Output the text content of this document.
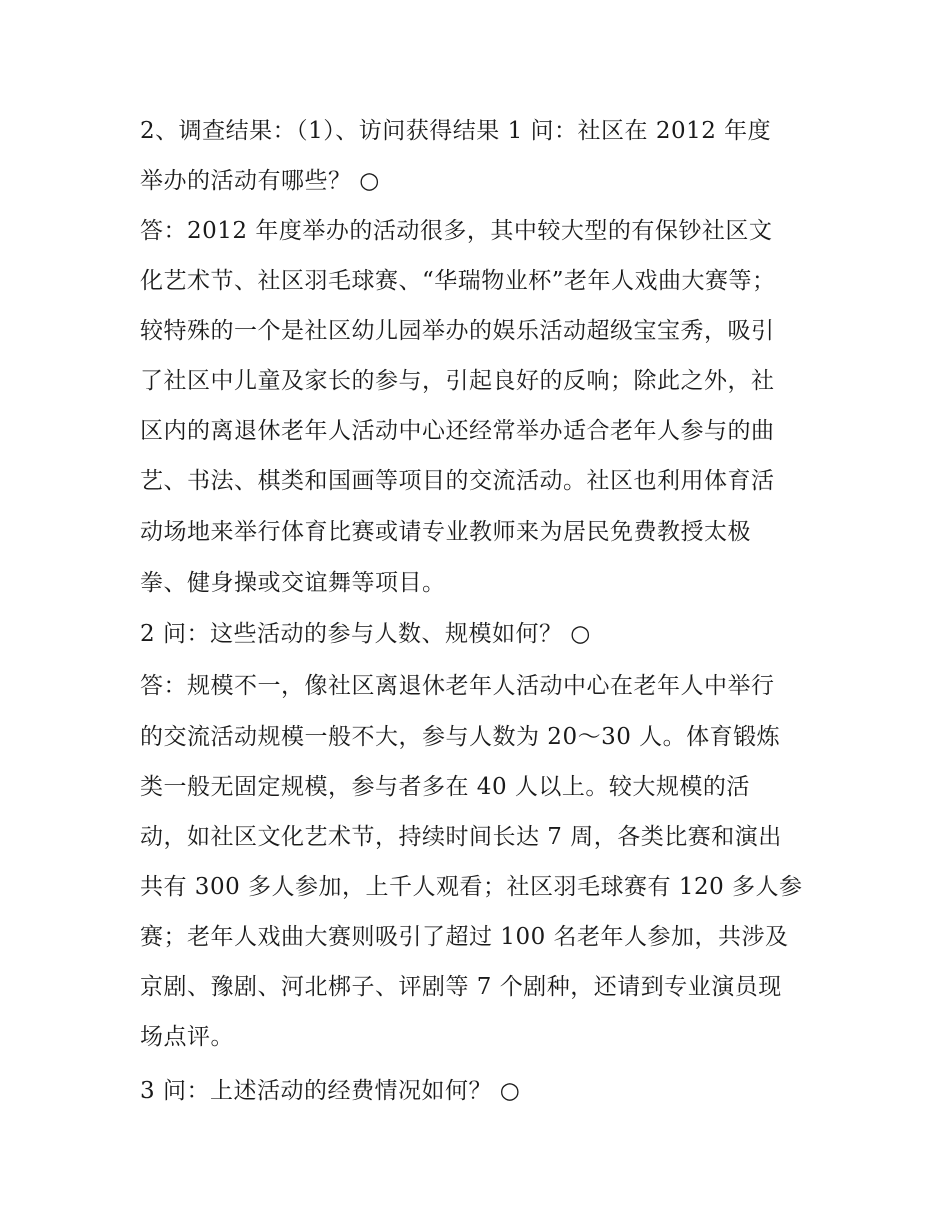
2、调查结果：（1）、访问获得结果 1 问：社区在 2012 年度
举办的活动有哪些？ ○
答：2012 年度举办的活动很多，其中较大型的有保钞社区文
化艺术节、社区羽毛球赛、“华瑞物业杯”老年人戏曲大赛等；
较特殊的一个是社区幼儿园举办的娱乐活动超级宝宝秀，吸引
了社区中儿童及家长的参与，引起良好的反响；除此之外，社
区内的离退休老年人活动中心还经常举办适合老年人参与的曲
艺、书法、棋类和国画等项目的交流活动。社区也利用体育活
动场地来举行体育比赛或请专业教师来为居民免费教授太极
拳、健身操或交谊舞等项目。
2 问：这些活动的参与人数、规模如何？ ○
答：规模不一，像社区离退休老年人活动中心在老年人中举行
的交流活动规模一般不大，参与人数为 20～30 人。体育锻炼
类一般无固定规模，参与者多在 40 人以上。较大规模的活
动，如社区文化艺术节，持续时间长达 7 周，各类比赛和演出
共有 300 多人参加，上千人观看；社区羽毛球赛有 120 多人参
赛；老年人戏曲大赛则吸引了超过 100 名老年人参加，共涉及
京剧、豫剧、河北梆子、评剧等 7 个剧种，还请到专业演员现
场点评。
3 问：上述活动的经费情况如何？ ○
